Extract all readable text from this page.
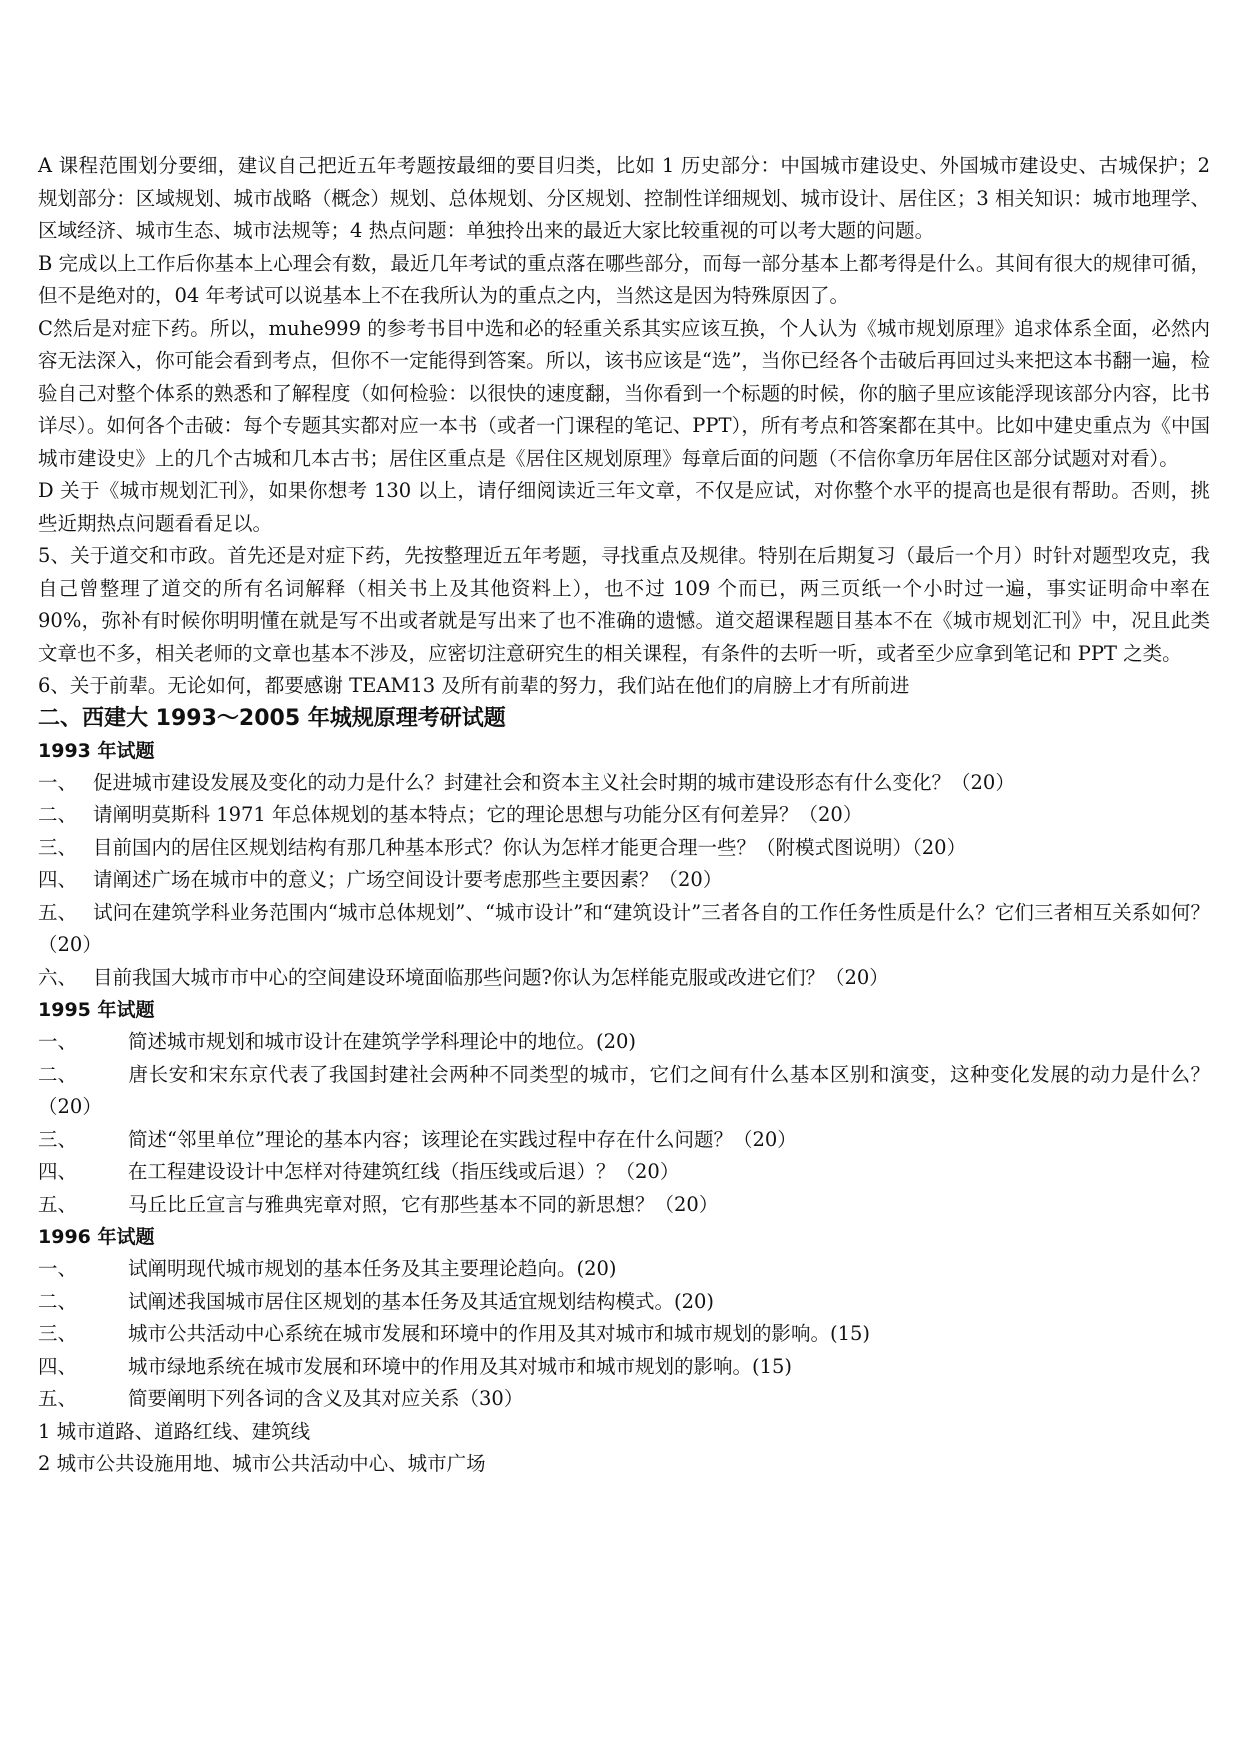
A 课程范围划分要细，建议自己把近五年考题按最细的要目归类，比如 1 历史部分：中国城市建设史、外国城市建设史、古城保护；2 规划部分：区域规划、城市战略（概念）规划、总体规划、分区规划、控制性详细规划、城市设计、居住区；3 相关知识：城市地理学、区域经济、城市生态、城市法规等；4 热点问题：单独拎出来的最近大家比较重视的可以考大题的问题。

B 完成以上工作后你基本上心理会有数，最近几年考试的重点落在哪些部分，而每一部分基本上都考得是什么。其间有很大的规律可循，但不是绝对的，04 年考试可以说基本上不在我所认为的重点之内，当然这是因为特殊原因了。

C然后是对症下药。所以，muhe999 的参考书目中选和必的轻重关系其实应该互换，个人认为《城市规划原理》追求体系全面，必然内容无法深入，你可能会看到考点，但你不一定能得到答案。所以，该书应该是“选”，当你已经各个击破后再回过头来把这本书翻一遍，检验自己对整个体系的熟悉和了解程度（如何检验：以很快的速度翻，当你看到一个标题的时候，你的脑子里应该能浮现该部分内容，比书详尽）。如何各个击破：每个专题其实都对应一本书（或者一门课程的笔记、PPT），所有考点和答案都在其中。比如中建史重点为《中国城市建设史》上的几个古城和几本古书；居住区重点是《居住区规划原理》每章后面的问题（不信你拿历年居住区部分试题对对看）。

D 关于《城市规划汇刊》，如果你想考 130 以上，请仔细阅读近三年文章，不仅是应试，对你整个水平的提高也是很有帮助。否则，挑些近期热点问题看看足以。

5、关于道交和市政。首先还是对症下药，先按整理近五年考题，寻找重点及规律。特别在后期复习（最后一个月）时针对题型攻克，我自己曾整理了道交的所有名词解释（相关书上及其他资料上），也不过 109 个而已，两三页纸一个小时过一遍，事实证明命中率在 90%，弥补有时候你明明懂在就是写不出或者就是写出来了也不准确的遗憾。道交超课程题目基本不在《城市规划汇刊》中，况且此类文章也不多，相关老师的文章也基本不涉及，应密切注意研究生的相关课程，有条件的去听一听，或者至少应拿到笔记和 PPT 之类。

6、关于前辈。无论如何，都要感谢 TEAM13 及所有前辈的努力，我们站在他们的肩膀上才有所前进

二、西建大 1993～2005 年城规原理考研试题
1993 年试题
一、 促进城市建设发展及变化的动力是什么？封建社会和资本主义社会时期的城市建设形态有什么变化？（20）
二、 请阐明莫斯科 1971 年总体规划的基本特点；它的理论思想与功能分区有何差异？（20）
三、 目前国内的居住区规划结构有那几种基本形式？你认为怎样才能更合理一些？（附模式图说明）（20）
四、 请阐述广场在城市中的意义；广场空间设计要考虑那些主要因素？（20）
五、 试问在建筑学科业务范围内“城市总体规划”、“城市设计”和“建筑设计”三者各自的工作任务性质是什么？它们三者相互关系如何？（20）
六、 目前我国大城市市中心的空间建设环境面临那些问题?你认为怎样能克服或改进它们？（20）
1995 年试题
一、	简述城市规划和城市设计在建筑学学科理论中的地位。(20)
二、	唐长安和宋东京代表了我国封建社会两种不同类型的城市，它们之间有什么基本区别和演变，这种变化发展的动力是什么？（20）
三、	简述“邻里单位”理论的基本内容；该理论在实践过程中存在什么问题？（20）
四、	在工程建设设计中怎样对待建筑红线（指压线或后退）？（20）
五、	马丘比丘宣言与雅典宪章对照，它有那些基本不同的新思想？（20）
1996 年试题
一、	试阐明现代城市规划的基本任务及其主要理论趋向。(20)
二、	试阐述我国城市居住区规划的基本任务及其适宜规划结构模式。(20)
三、	城市公共活动中心系统在城市发展和环境中的作用及其对城市和城市规划的影响。(15)
四、	城市绿地系统在城市发展和环境中的作用及其对城市和城市规划的影响。(15)
五、	简要阐明下列各词的含义及其对应关系（30）

1 城市道路、道路红线、建筑线

2 城市公共设施用地、城市公共活动中心、城市广场
